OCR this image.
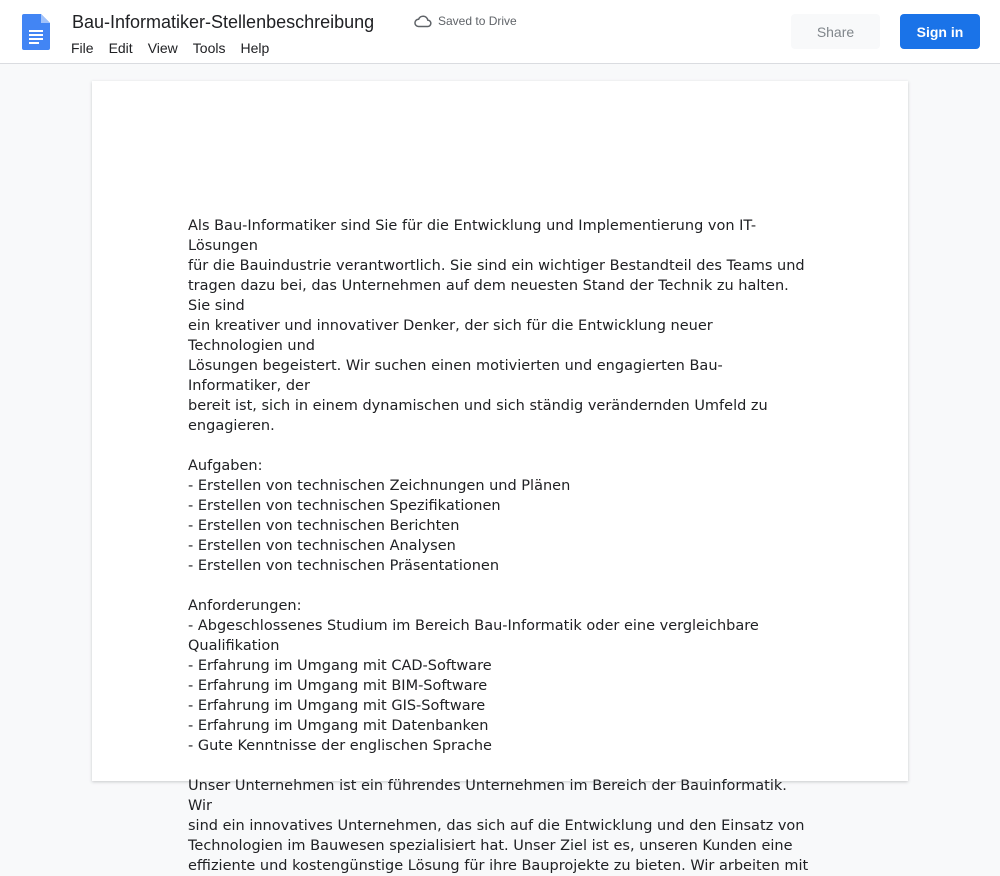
Bau-Informatiker-Stellenbeschreibung	Saved to Drive
File Edit View Tools Help
Share	Sign in

Als Bau-Informatiker sind Sie für die Entwicklung und Implementierung von IT-Lösungen

für die Bauindustrie verantwortlich. Sie sind ein wichtiger Bestandteil des Teams und

tragen dazu bei, das Unternehmen auf dem neuesten Stand der Technik zu halten. Sie sind

ein kreativer und innovativer Denker, der sich für die Entwicklung neuer Technologien und

Lösungen begeistert. Wir suchen einen motivierten und engagierten Bau-Informatiker, der

bereit ist, sich in einem dynamischen und sich ständig verändernden Umfeld zu

engagieren.

Aufgaben:

- Erstellen von technischen Zeichnungen und Plänen

- Erstellen von technischen Spezifikationen

- Erstellen von technischen Berichten

- Erstellen von technischen Analysen

- Erstellen von technischen Präsentationen

Anforderungen:

- Abgeschlossenes Studium im Bereich Bau-Informatik oder eine vergleichbare

Qualifikation

- Erfahrung im Umgang mit CAD-Software

- Erfahrung im Umgang mit BIM-Software

- Erfahrung im Umgang mit GIS-Software

- Erfahrung im Umgang mit Datenbanken

- Gute Kenntnisse der englischen Sprache

Unser Unternehmen ist ein führendes Unternehmen im Bereich der Bauinformatik. Wir

sind ein innovatives Unternehmen, das sich auf die Entwicklung und den Einsatz von

Technologien im Bauwesen spezialisiert hat. Unser Ziel ist es, unseren Kunden eine

effiziente und kostengünstige Lösung für ihre Bauprojekte zu bieten. Wir arbeiten mit
